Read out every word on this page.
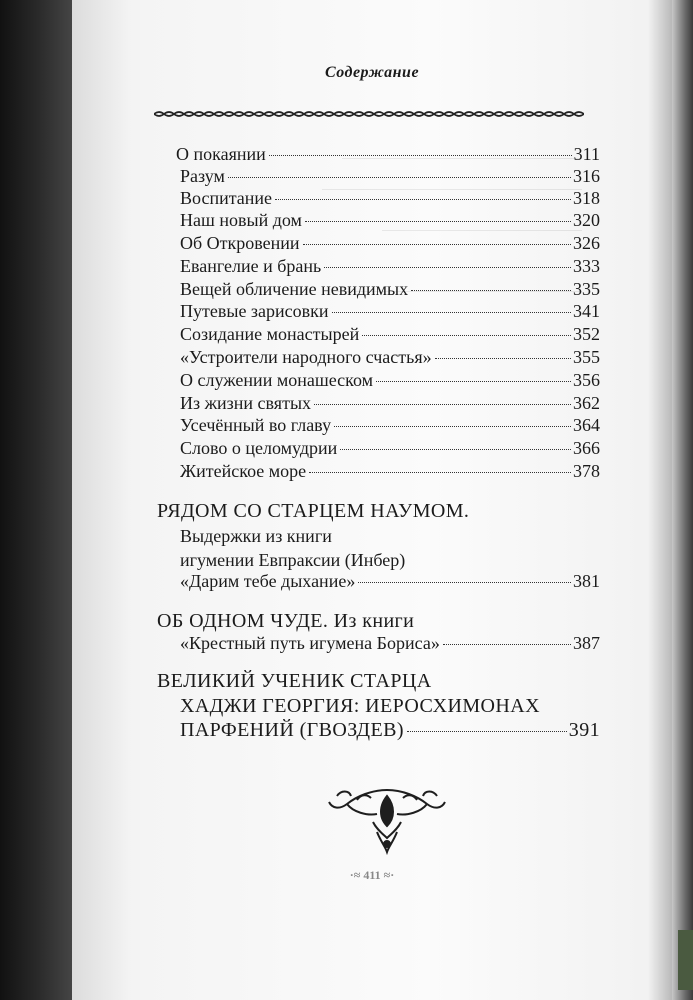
Содержание
О покаянии	311
Разум	316
Воспитание	318
Наш новый дом	320
Об Откровении	326
Евангелие и брань	333
Вещей обличение невидимых	335
Путевые зарисовки	341
Созидание монастырей	352
«Устроители народного счастья»	355
О служении монашеском	356
Из жизни святых	362
Усечённый во главу	364
Слово о целомудрии	366
Житейское море	378
РЯДОМ СО СТАРЦЕМ НАУМОМ.
Выдержки из книги
игумении Евпраксии (Инбер)
«Дарим тебе дыхание»	381
ОБ ОДНОМ ЧУДЕ. Из книги
«Крестный путь игумена Бориса»	387
ВЕЛИКИЙ УЧЕНИК СТАРЦА
ХАДЖИ ГЕОРГИЯ: ИЕРОСХИМОНАХ
ПАРФЕНИЙ (ГВОЗДЕВ)	391
·≈ 411 ≈·
